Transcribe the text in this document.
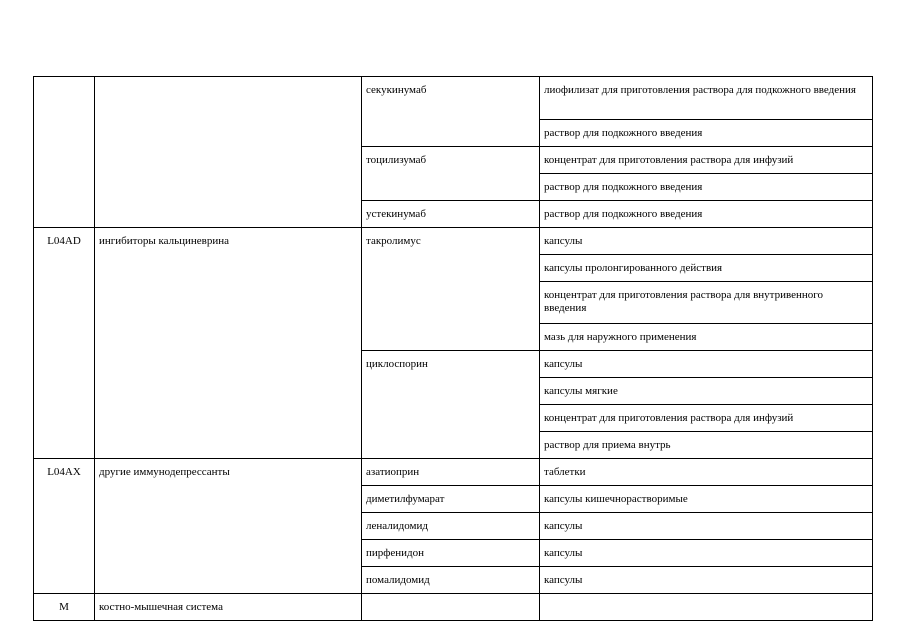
		секукинумаб	лиофилизат для приготовления раствора для подкожного введения

			раствор для подкожного введения

		тоцилизумаб	концентрат для приготовления раствора для инфузий

			раствор для подкожного введения

		устекинумаб	раствор для подкожного введения

L04AD	ингибиторы кальциневрина	такролимус	капсулы

			капсулы пролонгированного действия

			концентрат для приготовления раствора для внутривенного введения

			мазь для наружного применения

		циклоспорин	капсулы

			капсулы мягкие

			концентрат для приготовления раствора для инфузий

			раствор для приема внутрь

L04AX	другие иммунодепрессанты	азатиоприн	таблетки

		диметилфумарат	капсулы кишечнорастворимые

		леналидомид	капсулы

		пирфенидон	капсулы

		помалидомид	капсулы

M	костно-мышечная система		
